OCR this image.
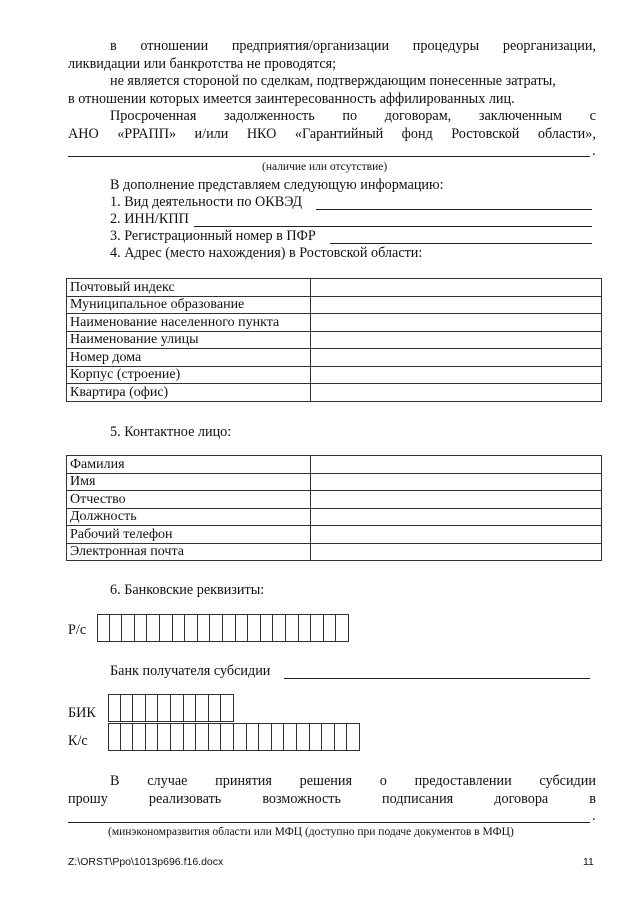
в отношении предприятия/организации процедуры реорганизации,
ликвидации или банкротства не проводятся;
не является стороной по сделкам, подтверждающим понесенные затраты,
в отношении которых имеется заинтересованность аффилированных лиц.
Просроченная задолженность по договорам, заключенным с
АНО «РРАПП» и/или НКО «Гарантийный фонд Ростовской области»,
.
(наличие или отсутствие)
В дополнение представляем следующую информацию:
1. Вид деятельности по ОКВЭД
2. ИНН/КПП
3. Регистрационный номер в ПФР
4. Адрес (место нахождения) в Ростовской области:
Почтовый индекс	
Муниципальное образование	
Наименование населенного пункта	
Наименование улицы	
Номер дома	
Корпус (строение)	
Квартира (офис)	
5. Контактное лицо:
Фамилия	
Имя	
Отчество	
Должность	
Рабочий телефон	
Электронная почта	
6. Банковские реквизиты:
Р/с
Банк получателя субсидии
БИК
К/с
В случае принятия решения о предоставлении субсидии
прошу	реализовать	возможность	подписания	договора	в
.
(минэкономразвития области или МФЦ (доступно при подаче документов в МФЦ)
Z:\ORST\Ppo\1013p696.f16.docx	11
